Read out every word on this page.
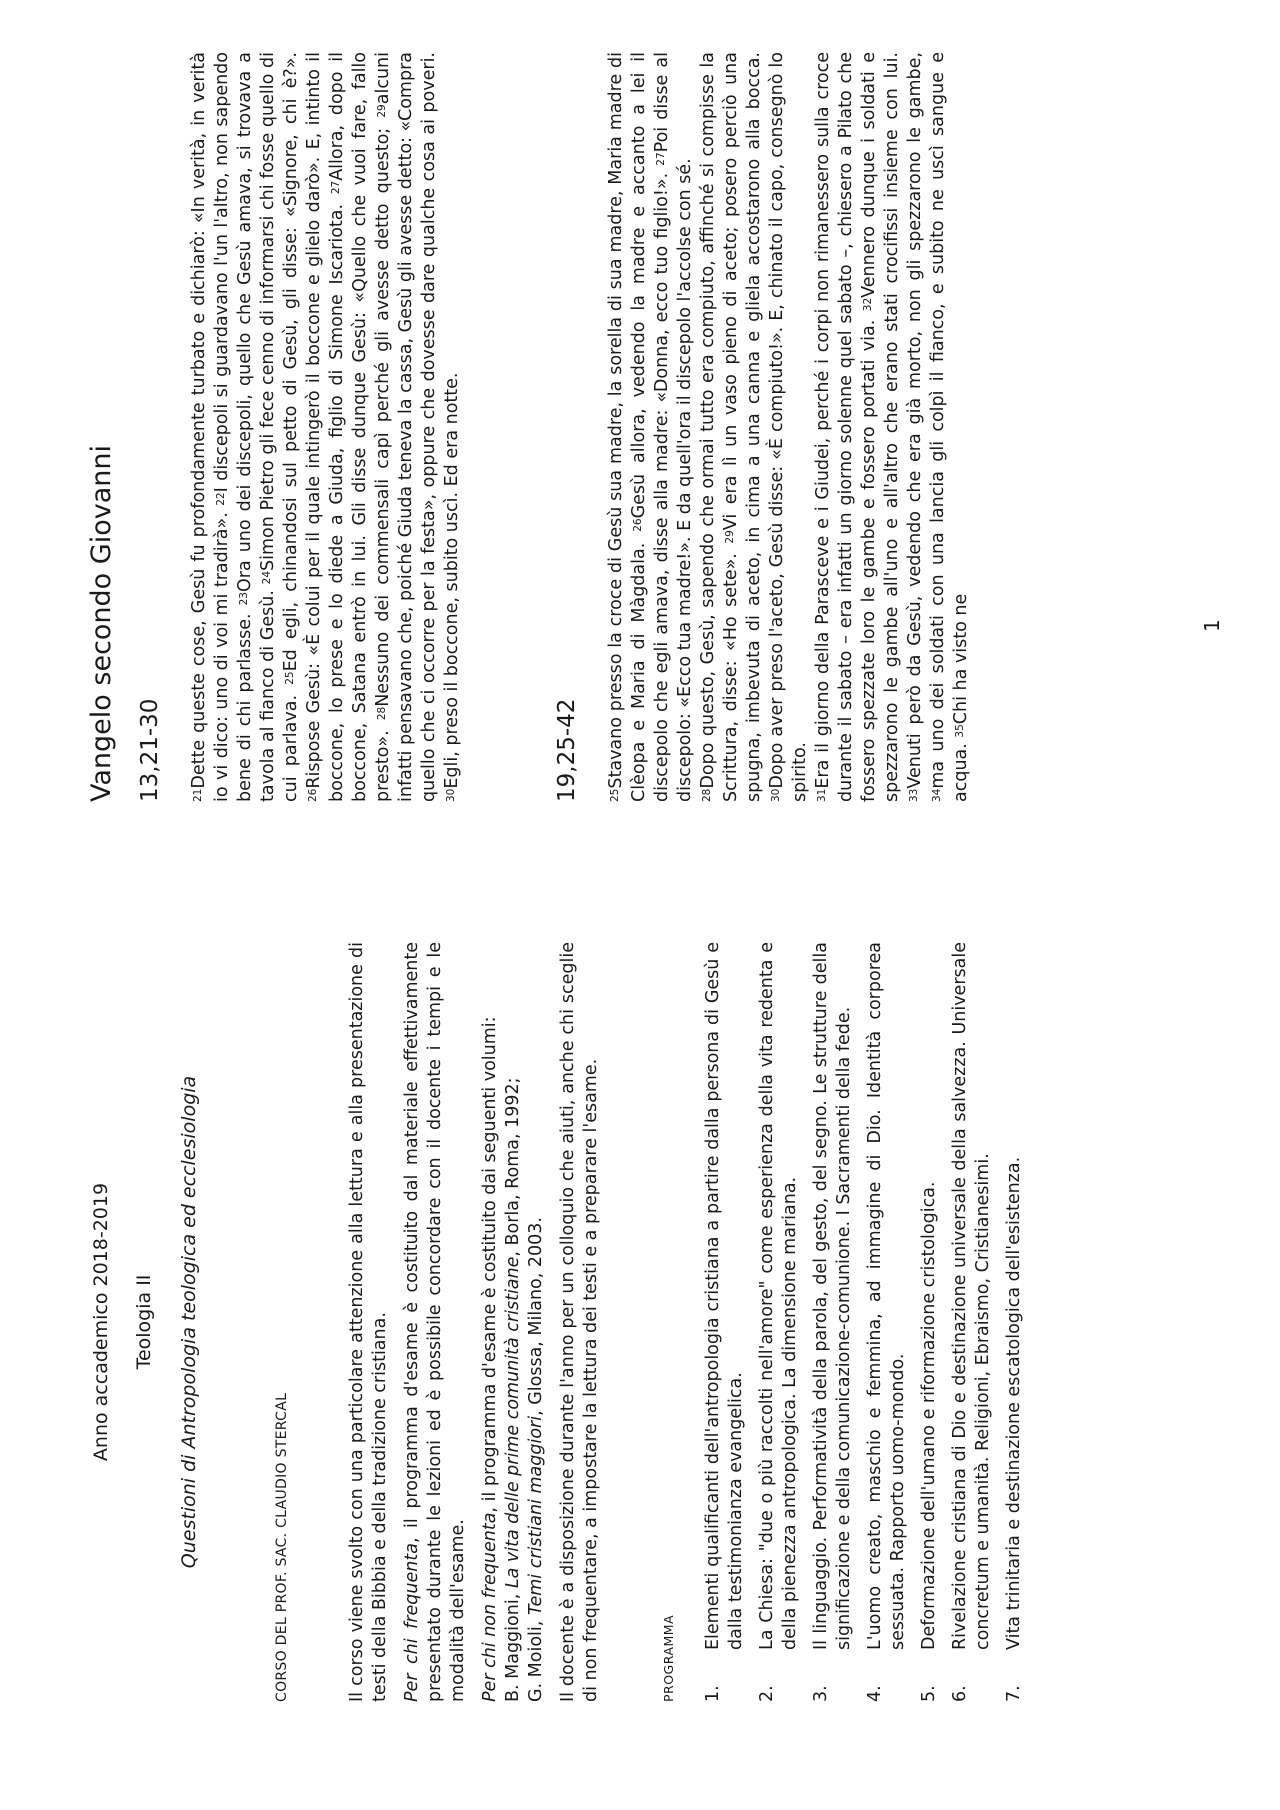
Anno accademico 2018-2019 Teologia II Questioni di Antropologia teologica ed ecclesiologia	CORSO DEL PROF. SAC. CLAUDIO STERCAL	Il corso viene svolto con una particolare attenzione alla lettura e alla presentazione di testi della Bibbia e della tradizione cristiana. Per chi frequenta, il programma d'esame è costituito dal materiale effettivamente presentato durante le lezioni ed è possibile concordare con il docente i tempi e le modalità dell'esame. Per chi non frequenta, il programma d'esame è costituito dai seguenti volumi:
B. Maggioni, La vita delle prime comunità cristiane, Borla, Roma, 1992;
G. Moioli, Temi cristiani maggiori, Glossa, Milano, 2003. Il docente è a disposizione durante l'anno per un colloquio che aiuti, anche chi sceglie di non frequentare, a impostare la lettura dei testi e a preparare l'esame.	PROGRAMMA 1.
Elementi qualificanti dell'antropologia cristiana a partire dalla persona di Gesù e dalla testimonianza evangelica.
2.
La Chiesa: "due o più raccolti nell'amore" come esperienza della vita redenta e della pienezza antropologica. La dimensione mariana.
3.
Il linguaggio. Performatività della parola, del gesto, del segno. Le strutture della significazione e della comunicazione-comunione. I Sacramenti della fede.
4.
L'uomo creato, maschio e femmina, ad immagine di Dio. Identità corporea sessuata. Rapporto uomo-mondo.
5.
Deformazione dell'umano e riformazione cristologica.
6.
Rivelazione cristiana di Dio e destinazione universale della salvezza. Universale concretum e umanità. Religioni, Ebraismo, Cristianesimi.
7.
Vita trinitaria e destinazione escatologica dell'esistenza.
Vangelo secondo Giovanni 13,21-30	$^{21}$Dette queste cose, Gesù fu profondamente turbato e dichiarò: «In verità, in verità io vi dico: uno di voi mi tradirà». $^{22}$I discepoli si guardavano l'un l'altro, non sapendo bene di chi parlasse. $^{23}$Ora uno dei discepoli, quello che Gesù amava, si trovava a tavola al fianco di Gesù. $^{24}$Simon Pietro gli fece cenno di informarsi chi fosse quello di cui parlava. $^{25}$Ed egli, chinandosi sul petto di Gesù, gli disse: «Signore, chi è?». $^{26}$Rispose Gesù: «È colui per il quale intingerò il boccone e glielo darò». E, intinto il boccone, lo prese e lo diede a Giuda, figlio di Simone Iscariota. $^{27}$Allora, dopo il boccone, Satana entrò in lui. Gli disse dunque Gesù: «Quello che vuoi fare, fallo presto». $^{28}$Nessuno dei commensali capì perché gli avesse detto questo; $^{29}$alcuni infatti pensavano che, poiché Giuda teneva la cassa, Gesù gli avesse detto: «Compra quello che ci occorre per la festa», oppure che dovesse dare qualche cosa ai poveri. $^{30}$Egli, preso il boccone, subito uscì. Ed era notte.	19,25-42	$^{25}$Stavano presso la croce di Gesù sua madre, la sorella di sua madre, Maria madre di Clèopa e Maria di Màgdala. $^{26}$Gesù allora, vedendo la madre e accanto a lei il discepolo che egli amava, disse alla madre: «Donna, ecco tuo figlio!». $^{27}$Poi disse al discepolo: «Ecco tua madre!». E da quell'ora il discepolo l'accolse con sé. $^{28}$Dopo questo, Gesù, sapendo che ormai tutto era compiuto, affinché si compisse la Scrittura, disse: «Ho sete». $^{29}$Vi era lì un vaso pieno di aceto; posero perciò una spugna, imbevuta di aceto, in cima a una canna e gliela accostarono alla bocca. $^{30}$Dopo aver preso l'aceto, Gesù disse: «È compiuto!». E, chinato il capo, consegnò lo spirito. $^{31}$Era il giorno della Parasceve e i Giudei, perché i corpi non rimanessero sulla croce durante il sabato – era infatti un giorno solenne quel sabato –, chiesero a Pilato che fossero spezzate loro le gambe e fossero portati via. $^{32}$Vennero dunque i soldati e spezzarono le gambe all'uno e all'altro che erano stati crocifissi insieme con lui. $^{33}$Venuti però da Gesù, vedendo che era già morto, non gli spezzarono le gambe, $^{34}$ma uno dei soldati con una lancia gli colpì il fianco, e subito ne uscì sangue e acqua. $^{35}$Chi ha visto ne	1
